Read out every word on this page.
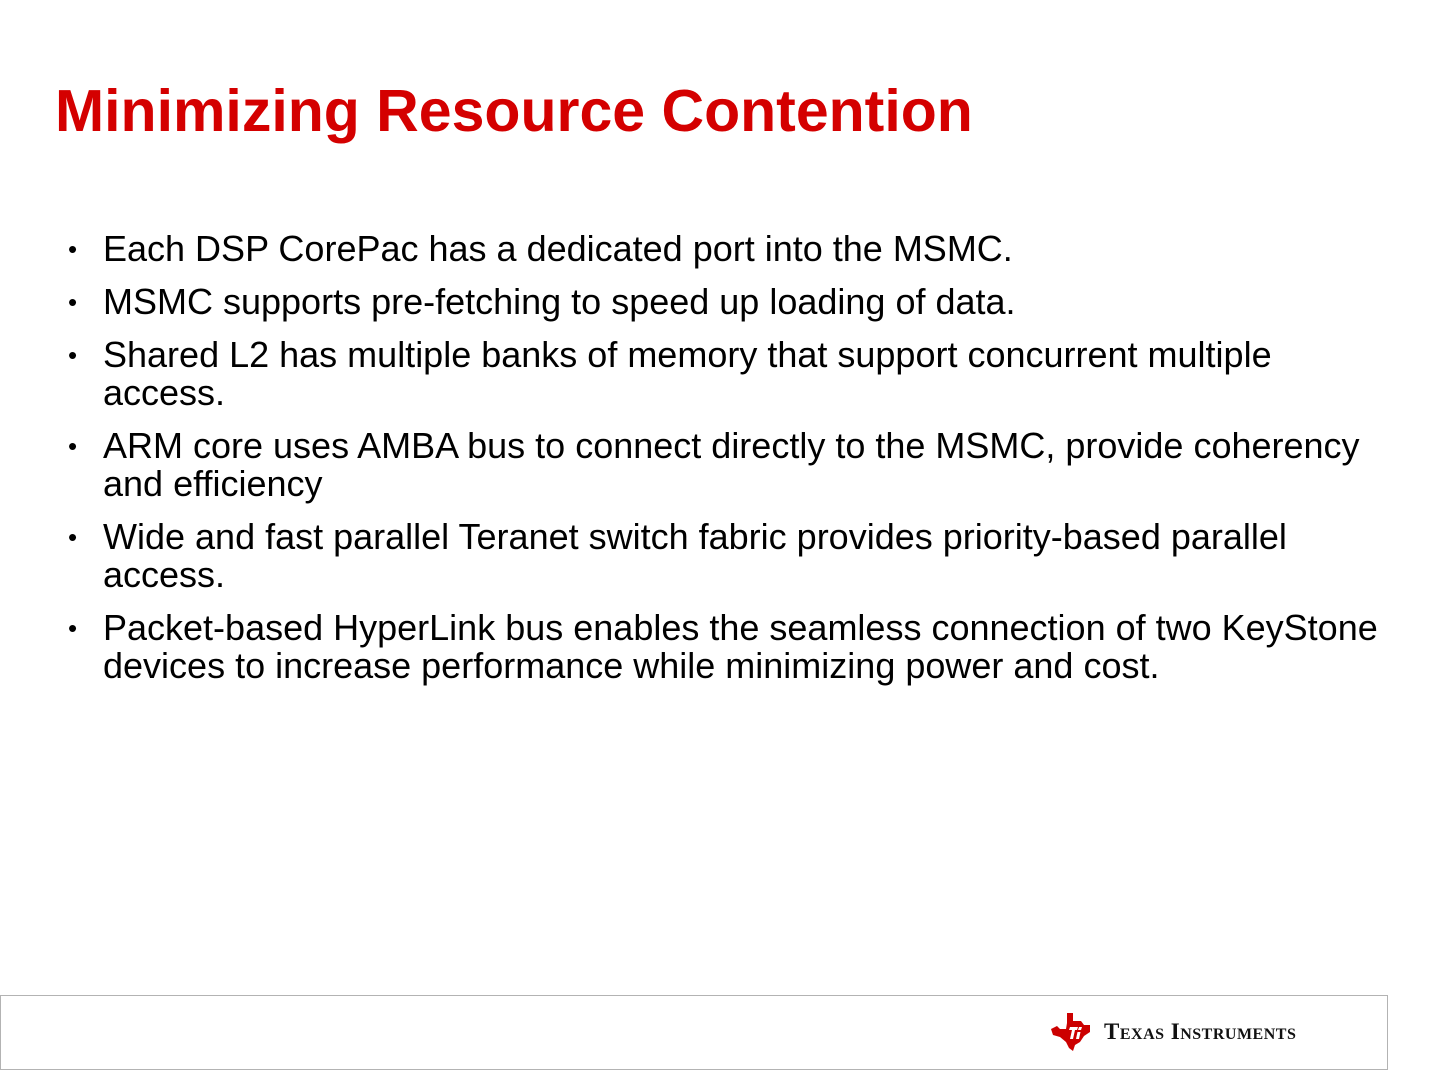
Minimizing Resource Contention
• Each DSP CorePac has a dedicated port into the MSMC.
• MSMC supports pre-fetching to speed up loading of data.
• Shared L2 has multiple banks of memory that support concurrent multiple access.
• ARM core uses AMBA bus to connect directly to the MSMC, provide coherency and efficiency
• Wide and fast parallel Teranet switch fabric provides priority-based parallel access.
• Packet-based HyperLink bus enables the seamless connection of two KeyStone devices to increase performance while minimizing power and cost.
Texas Instruments
